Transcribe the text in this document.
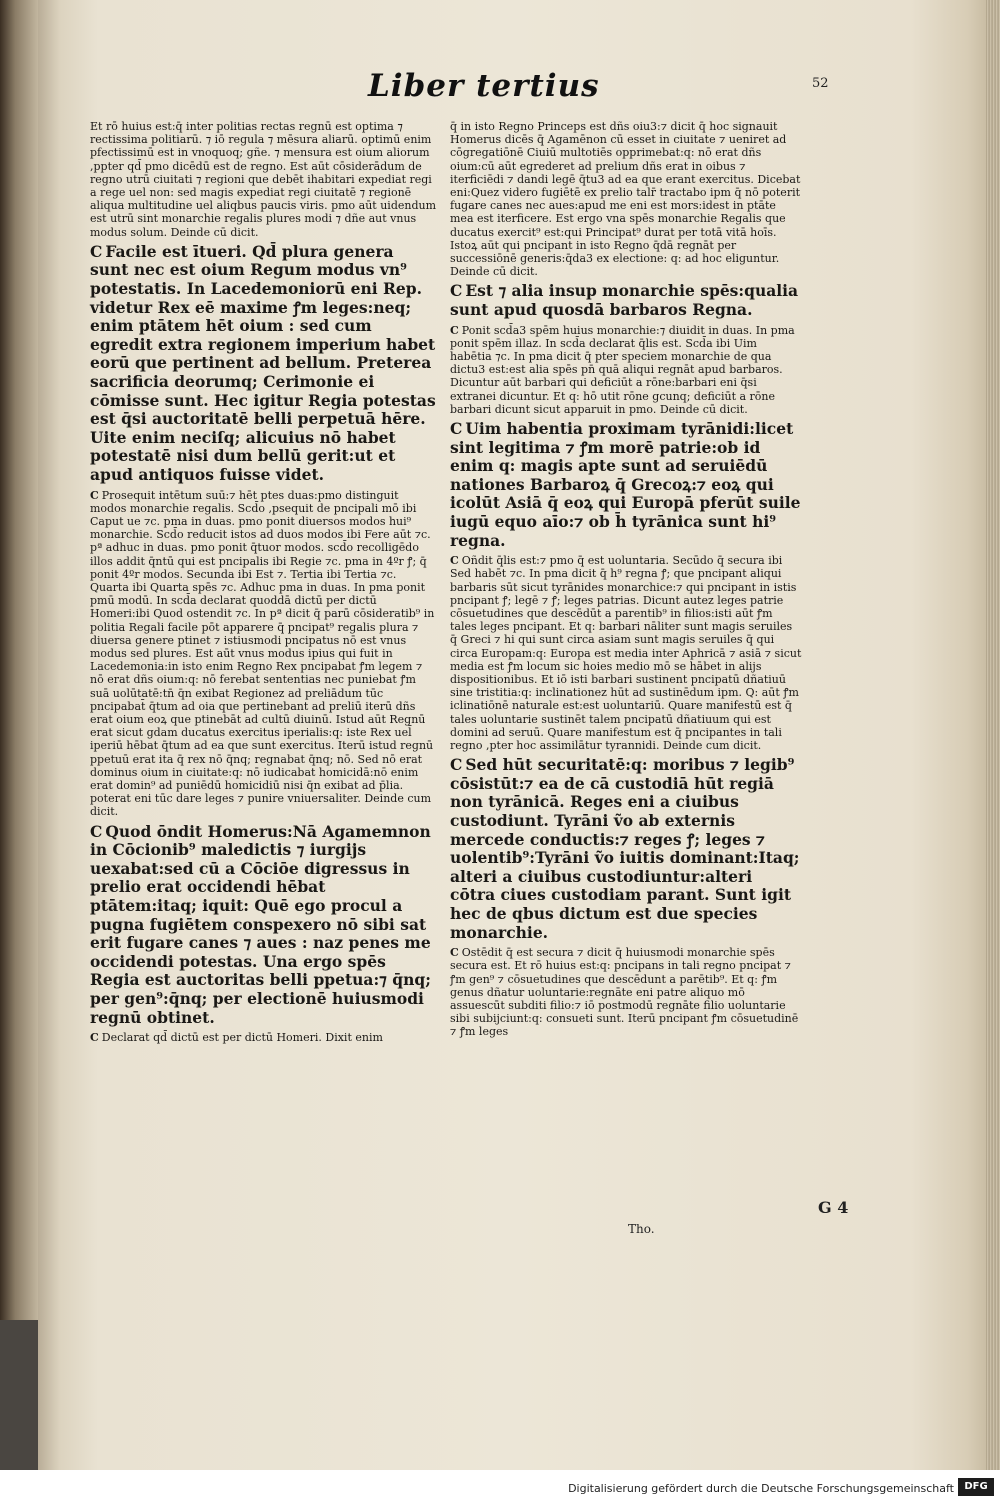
Liber tertius	52

Et rō huius est:q̄ inter politias rectas regnū est optima ⁊ rectissima politiarū. ⁊ iō regula ⁊ mēsura aliarū. optimū enim pfectissimū est in vnoquoq; gñe. ⁊ mensura est oium aliorum ,ppter qd̄ pmo dicēdū est de regno. Est aūt cōsiderādum de regno utrū ciuitati ⁊ regioni que debēt ihabitari expediat regi a rege uel non: sed magis expediat regi ciuitatē ⁊ regionē aliqua multitudine uel aliqbus paucis viris. pmo aūt uidendum est utrū sint monarchie regalis plures modi ⁊ dñe aut vnus modus solum. Deinde cū dicit.

C Facile est ītueri. Qd̄ plura genera sunt nec est oium Regum modus vn⁹ potestatis. In Lacedemoniorū eni Rep. videtur Rex eē maxime ꝭm leges:neq; enim ptātem hēt oium : sed cum egredit extra regionem imperium habet eorū que pertinent ad bellum. Preterea sacrificia deorumq; Cerimonie ei cōmisse sunt. Hec igitur Regia potestas est q̄si auctoritatē belli perpetuā hēre. Uite enim neciſq; alicuius nō habet potestatē nisi dum bellū gerit:ut et apud antiquos fuisse videt.

C Prosequit intētum suū:⁊ hēt ptes duas:pmo distinguit modos monarchie regalis. Scd̄o ,psequit de pncipali mō ibi Caput ue ⁊c. pma in duas. pmo ponit diuersos modos hui⁹ monarchie. Scd̄o reducit istos ad duos modos ibi Fere aūt ⁊c. pª adhuc in duas. pmo ponit q̄tuor modos. scd̄o recolligēdo illos addit q̄ntū qui est pncipalis ibi Regie ⁊c. pma in 4ºr ꝭ; q̄ ponit 4ºr modos. Secunda ibi Est ⁊. Tertia ibi Tertia ⁊c. Quarta ibi Quarta spēs ⁊c. Adhuc pma in duas. In pma ponit pmū modū. In scd̄a declarat quoddā dictū per dictū Homeri:ibi Quod ostendit ⁊c. In pª dicit q̄ parū cōsideratib⁹ in politia Regali facile pōt apparere q̄ pncipat⁹ regalis plura ⁊ diuersa genere ptinet ⁊ istiusmodi pncipatus nō est vnus modus sed plures. Est aūt vnus modus ipius qui fuit in Lacedemonia:in isto enim Regno Rex pncipabat ꝭm legem ⁊ nō erat dñs oium:q: nō ferebat sententias nec puniebat ꝭm suā uolūtatē:tn̄ q̄n exibat Regionez ad preliādum tūc pncipabat̄ q̄tum ad oia que pertinebant ad preliū iterū dñs erat oium eoꝝ que ptinebāt ad cultū diuinū. Istud aūt Regnū erat sicut gdam ducatus exercitus iperialis:q: iste Rex uel̄ iperiū hēbat q̄tum ad ea que sunt exercitus. Iterū istud regnū ppetuū erat ita q̄ rex nō q̄nq; regnabat q̄nq; nō. Sed nō erat dominus oium in ciuitate:q: nō iudicabat homicidā:nō enim erat domin⁹ ad puniēdū homicidiū nisi q̄n exibat ad p̄lia. poterat eni tūc dare leges ⁊ punire vniuersaliter. Deinde cum dicit.

C Quod ōndit Homerus:Nā Agamemnon in Cōcionib⁹ maledictis ⁊ iurgijs uexabat:sed cū a Cōciōe digressus in prelio erat occidendi hēbat ptātem:itaq; iquit: Quē ego procul a pugna fugiētem conspexero nō sibi sat erit fugare canes ⁊ aues : naz penes me occidendi potestas. Una ergo spēs Regia est auctoritas belli ppetua:⁊ q̄nq; per gen⁹:q̄nq; per electionē huiusmodi regnū obtinet.

C Declarat qd̄ dictū est per dictū Homeri. Dixit enim

q̄ in isto Regno Princeps est dñs oiu3:⁊ dicit q̄ hoc signauit Homerus dicēs q̄ Agamēnon cū esset in ciuitate ⁊ ueniret ad cōgregatiōnē Ciuiū multotiēs opprimebat:q: nō erat dñs oium:cū aūt egrederet ad prelium dñs erat in oibus ⁊ iterficiēdi ⁊ dandi legē q̄tu3 ad ea que erant exercitus. Dicebat eni:Quez videro fugiētē ex prelio talr̄ tractabo ipm q̄ nō poterit fugare canes nec aues:apud me eni est mors:idest in ptāte mea est iterficere. Est ergo vna spēs monarchie Regalis que ducatus exercit⁹ est:qui Principat⁹ durat per totā vitā hoīs. Istoꝝ aūt qui pncipant in isto Regno q̄dā regnāt per successiōnē generis:q̄da3 ex electione: q: ad hoc eliguntur. Deinde cū dicit.

C Est ⁊ alia insup monarchie spēs:qualia sunt apud quosdā barbaros Regna.

C Ponit scd̄a3 spēm huius monarchie:⁊ diuidit in duas. In pma ponit spēm illaz. In scd̄a declarat q̄lis est. Scd̄a ibi Uim habētia ⁊c. In pma dicit q̄ pter speciem monarchie de qua dictu3 est:est alia spēs pn̄ quā aliqui regnāt apud barbaros. Dicuntur aūt barbari qui deficiūt a rōne:barbari eni q̄si extranei dicuntur. Et q: hō utit rōne gcunq; deficiūt a rōne barbari dicunt sicut apparuit in pmo. Deinde cū dicit.

C Uim habentia proximam tyrānidi:licet sint legitima ⁊ ꝭm morē patrie:ob id enim q: magis apte sunt ad seruiēdū nationes Barbaroꝝ q̄ Grecoꝝ:⁊ eoꝝ qui icolūt Asiā q̄ eoꝝ qui Europā pferūt suile iugū equo aīo:⁊ ob h̄ tyrānica sunt hi⁹ regna.

C Oñdit q̄lis est:⁊ pmo q̄ est uoluntaria. Secūdo q̄ secura ibi Sed habēt ⁊c. In pma dicit q̄ h⁹ regna ꝭ; que pncipant aliqui barbaris sūt sicut tyrānides monarchice:⁊ qui pncipant in istis pncipant ꝭ; legē ⁊ ꝭ; leges patrias. Dicunt autez leges patrie cōsuetudines que descēdūt a parentib⁹ in filios:isti aūt ꝭm tales leges pncipant. Et q: barbari nāliter sunt magis seruiles q̄ Greci ⁊ hi qui sunt circa asiam sunt magis seruiles q̄ qui circa Europam:q: Europa est media inter Aphricā ⁊ asiā ⁊ sicut media est ꝭm locum sic hoies medio mō se hābet in alijs dispositionibus. Et iō isti barbari sustinent pncipatū dñatiuū sine tristitia:q: inclinationez hūt ad sustinēdum ipm. Q: aūt ꝭm iclinatiōnē naturale est:est uoluntariū. Quare manifestū est q̄ tales uoluntarie sustinēt talem pncipatū dñatiuum qui est domini ad seruū. Quare manifestum est q̄ pncipantes in tali regno ,pter hoc assimilātur tyrannidi. Deinde cum dicit.

C Sed hūt securitatē:q: moribus ⁊ legib⁹ cōsistūt:⁊ ea de cā custodiā hūt regiā non tyrānicā. Reges eni a ciuibus custodiunt. Tyrāni ṽo ab externis mercede conductis:⁊ reges ꝭ; leges ⁊ uolentib⁹:Tyrāni ṽo iuitis dominant:Itaq; alteri a ciuibus custodiuntur:alteri cōtra ciues custodiam parant. Sunt igit hec de qbus dictum est due species monarchie.

C Ostēdit q̄ est secura ⁊ dicit q̄ huiusmodi monarchie spēs secura est. Et rō huius est:q: pncipans in tali regno pncipat ⁊ ꝭm gen⁹ ⁊ cōsuetudines que descēdunt a parētib⁹. Et q: ꝭm genus dñatur uoluntarie:regnāte eni patre aliquo mō assuescūt subditi filio:⁊ iō postmodū regnāte filio uoluntarie sibi subijciunt:q: consueti sunt. Iterū pncipant ꝭm cōsuetudinē ⁊ ꝭm leges

G 4
Tho.
Digitalisierung gefördert durch die Deutsche Forschungsgemeinschaft	DFG
